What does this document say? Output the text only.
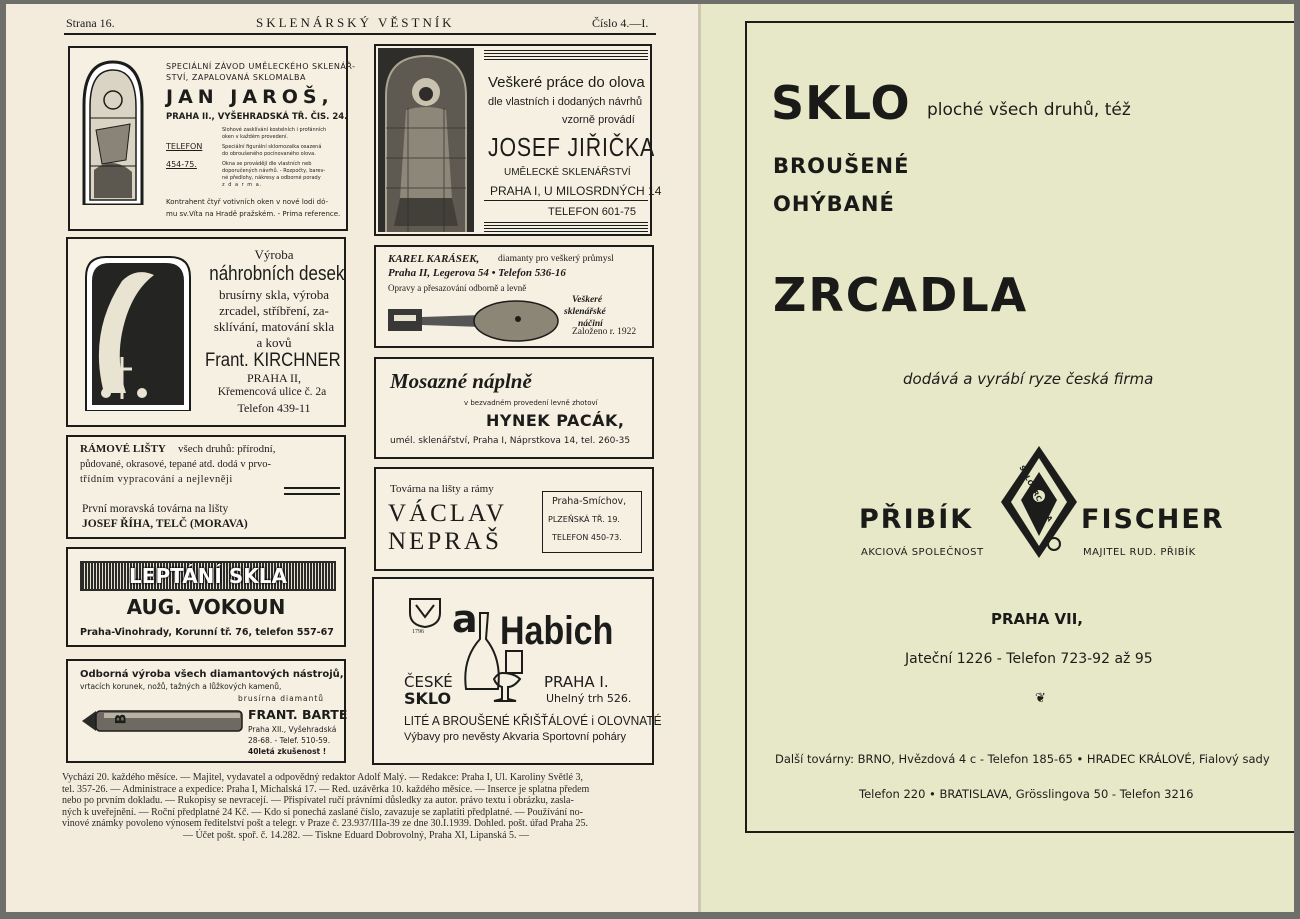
Strana 16.	SKLENÁRSKÝ VĚSTNÍK	Číslo 4.—I.
SPECIÁLNÍ ZÁVOD UMĚLECKÉHO SKLENÁŘ-
STVÍ, ZAPALOVANÁ SKLOMALBA
JAN JAROŠ,
PRAHA II., VYŠEHRADSKÁ TŘ. ČIS. 24.
TELEFON
454-75.
Slohové zasklívání kostelních i profánních
oken v každém provedení.
Speciální figurální sklomozaika osazená
do obroušeného pocínovaného olova.
Okna se provádějí dle vlastních neb
doporučených návrhů. - Rozpočty, barev-
né předlohy, nákresy a odborné porady
z d a r m a.
Kontrahent čtyř votivních oken v nové lodi dó-
mu sv.Víta na Hradě pražském. - Prima reference.
Veškeré práce do olova
dle vlastních i dodaných návrhů
vzorně provádí
JOSEF JIŘIČKA
UMĚLECKÉ SKLENÁŘSTVÍ
PRAHA I, U MILOSRDNÝCH 14
TELEFON 601-75
Výroba
náhrobních desek
brusírny skla, výroba
zrcadel, stříbření, za-
sklívání, matování skla
a kovů
Frant. KIRCHNER
PRAHA II,
Křemencová ulice č. 2a
Telefon 439-11
KAREL KARÁSEK, diamanty pro veškerý průmysl
Praha II, Legerova 54 • Telefon 536-16
Opravy a přesazování odborně a levně
Veškeré
sklenářské
náčiní
Založeno r. 1922
Mosazné náplně
v bezvadném provedení levně zhotoví
HYNEK PACÁK,
umél. sklenářství, Praha I, Náprstkova 14, tel. 260-35
RÁMOVÉ LIŠTY všech druhů: přírodní,
půdované, okrasové, tepané atd. dodá v prvo-
třídním vypracování a nejlevněji
První moravská továrna na lišty
JOSEF ŘÍHA, TELČ (MORAVA)
Továrna na lišty a rámy
VÁCLAV
NEPRAŠ
Praha-Smíchov,
PLZEŇSKÁ TŘ. 19.
TELEFON 450-73.
LEPTÁNÍ SKLA
AUG. VOKOUN
Praha-Vinohrady, Korunní tř. 76, telefon 557-67	1796 a Habich
ČESKÉ
SKLO
PRAHA I.
Uhelný trh 526.
LITÉ A BROUŠENÉ KŘIŠŤÁLOVÉ i OLOVNATÉ
Výbavy pro nevěsty Akvaria Sportovní poháry
Odborná výroba všech diamantových nástrojů,
vrtacích korunek, nožů, tažných a lůžkových kamenů,
brusírna diamantů
B	FRANT. BARTE
Praha XII., Vyšehradská
28-68. - Telef. 510-59.
40letá zkušenost !
Vychází 20. každého měsíce. — Majitel, vydavatel a odpovědný redaktor Adolf Malý. — Redakce: Praha I, Ul. Karoliny Světlé 3,
tel. 357-26. — Administrace a expedice: Praha I, Michalská 17. — Red. uzávěrka 10. každého měsíce. — Inserce je splatna předem
nebo po prvním dokladu. — Rukopisy se nevracejí. — Přispívatel ručí právními důsledky za autor. právo textu i obrázku, zasla-
ných k uveřejnění. — Roční předplatné 24 Kč. — Kdo si ponechá zaslané číslo, zavazuje se zaplatiti předplatné. — Používání no-
vinové známky povoleno výnosem ředitelství pošt a telegr. v Praze č. 23.937/IIIa-39 ze dne 30.I.1939. Dohled. pošt. úřad Praha 25.
— Účet pošt. spoř. č. 14.282. — Tiskne Eduard Dobrovolný, Praha XI, Lipanská 5. —
SKLO ploché všech druhů, též
BROUŠENÉ
OHÝBANÉ
ZRCADLA
dodává a vyrábí ryze česká firma
PŘIBÍK	SKLOZRCADLA FISCHER
AKCIOVÁ SPOLEČNOST	MAJITEL RUD. PŘIBÍK
PRAHA VII,
Jateční 1226 - Telefon 723-92 až 95
❦
Další továrny: BRNO, Hvězdová 4 c - Telefon 185-65 • HRADEC KRÁLOVÉ, Fialový sady
Telefon 220 • BRATISLAVA, Grösslingova 50 - Telefon 3216
